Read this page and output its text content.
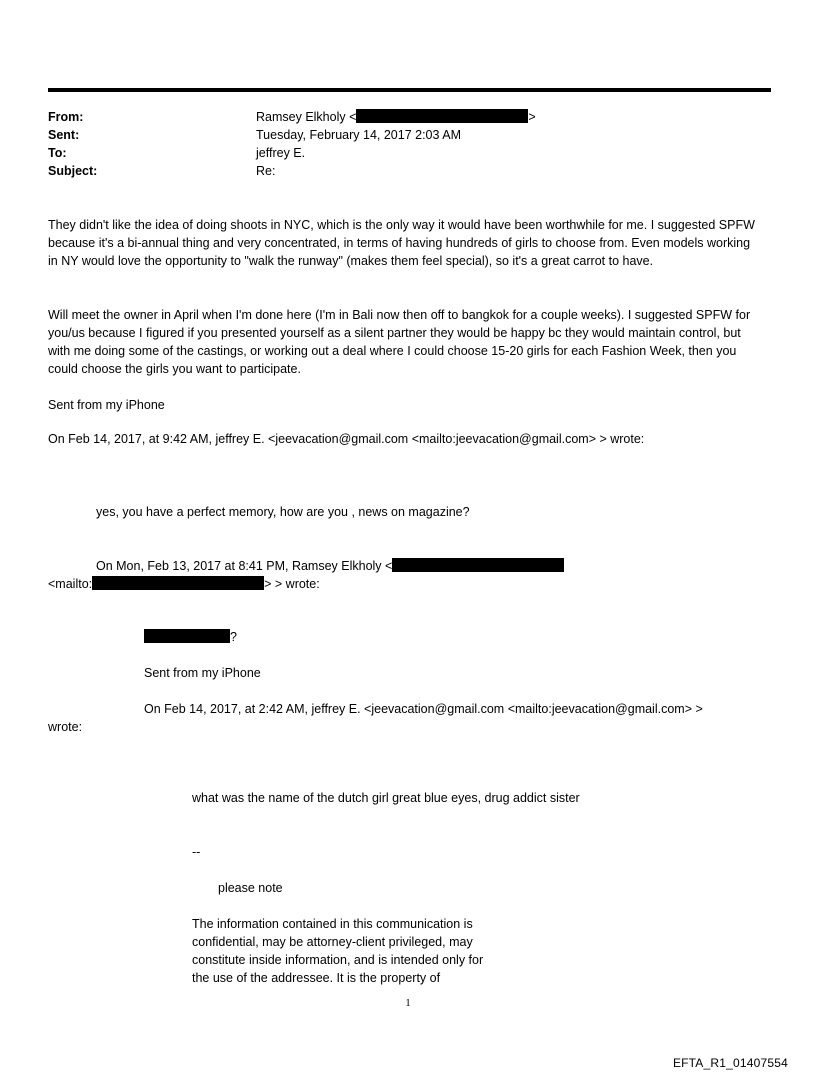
From:	Ramsey Elkholy <	>
Sent:	Tuesday, February 14, 2017 2:03 AM
To:	jeffrey E.
Subject:	Re:
They didn't like the idea of doing shoots in NYC, which is the only way it would have been worthwhile for me. I suggested SPFW because it's a bi-annual thing and very concentrated, in terms of having hundreds of girls to choose from. Even models working in NY would love the opportunity to "walk the runway" (makes them feel special), so it's a great carrot to have.
Will meet the owner in April when I'm done here (I'm in Bali now then off to bangkok for a couple weeks). I suggested SPFW for you/us because I figured if you presented yourself as a silent partner they would be happy bc they would maintain control, but with me doing some of the castings, or working out a deal where I could choose 15-20 girls for each Fashion Week, then you could choose the girls you want to participate.
Sent from my iPhone
On Feb 14, 2017, at 9:42 AM, jeffrey E. <jeevacation@gmail.com <mailto:jeevacation@gmail.com> > wrote:
yes, you have a perfect memory, how are you , news on magazine?
On Mon, Feb 13, 2017 at 8:41 PM, Ramsey Elkholy <
<mailto:	> > wrote:
?
Sent from my iPhone
On Feb 14, 2017, at 2:42 AM, jeffrey E. <jeevacation@gmail.com <mailto:jeevacation@gmail.com> >
wrote:
what was the name of the dutch girl great blue eyes, drug addict sister
--
please note
The information contained in this communication is
confidential, may be attorney-client privileged, may
constitute inside information, and is intended only for
the use of the addressee. It is the property of
1
EFTA_R1_01407554
